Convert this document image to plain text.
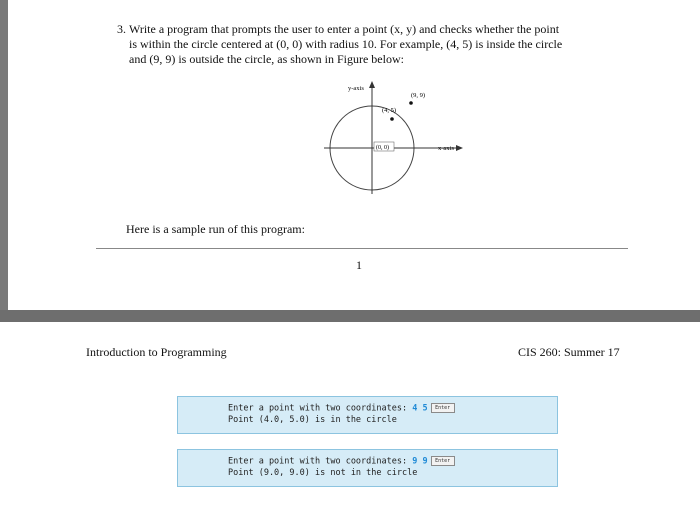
3. Write a program that prompts the user to enter a point (x, y) and checks whether the point
is within the circle centered at (0, 0) with radius 10. For example, (4, 5) is inside the circle
and (9, 9) is outside the circle, as shown in Figure below:
y-axis
x-axis
(4, 5)
(9, 9)
(0, 0)
Here is a sample run of this program:
1
Introduction to Programming	CIS 260: Summer 17
Enter a point with two coordinates: 4 5 Enter
Point (4.0, 5.0) is in the circle
Enter a point with two coordinates: 9 9 Enter
Point (9.0, 9.0) is not in the circle
